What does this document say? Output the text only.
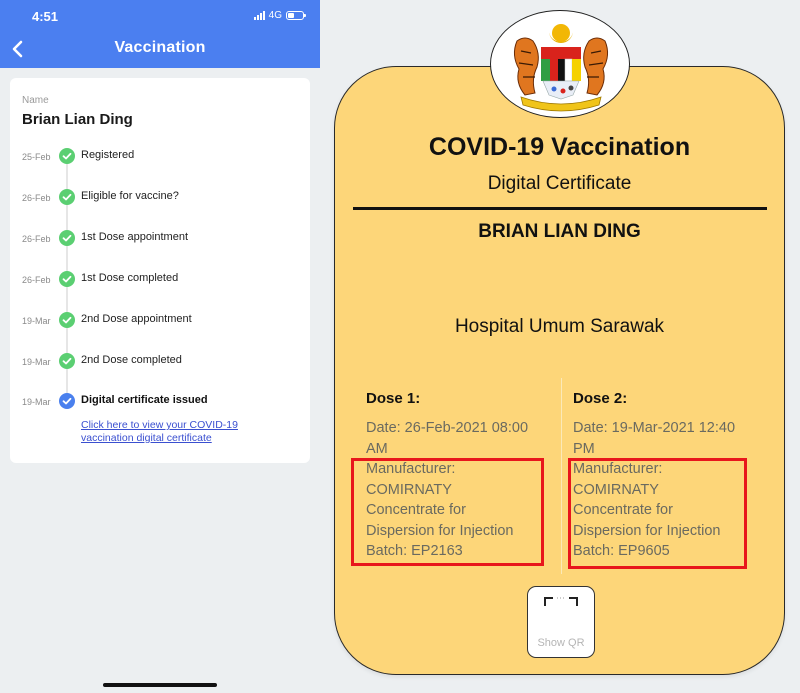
4:51	4G
Vaccination
Name
Brian Lian Ding
25-Feb	Registered
26-Feb	Eligible for vaccine?
26-Feb	1st Dose appointment
26-Feb	1st Dose completed
19-Mar	2nd Dose appointment
19-Mar	2nd Dose completed
19-Mar	Digital certificate issued
Click here to view your COVID-19 vaccination digital certificate
COVID-19 Vaccination
Digital Certificate
BRIAN LIAN DING
Hospital Umum Sarawak
Dose 1:
Date: 26-Feb-2021 08:00
AM
Manufacturer:
COMIRNATY
Concentrate for
Dispersion for Injection
Batch: EP2163
Dose 2:
Date: 19-Mar-2021 12:40
PM
Manufacturer:
COMIRNATY
Concentrate for
Dispersion for Injection
Batch: EP9605
Show QR
